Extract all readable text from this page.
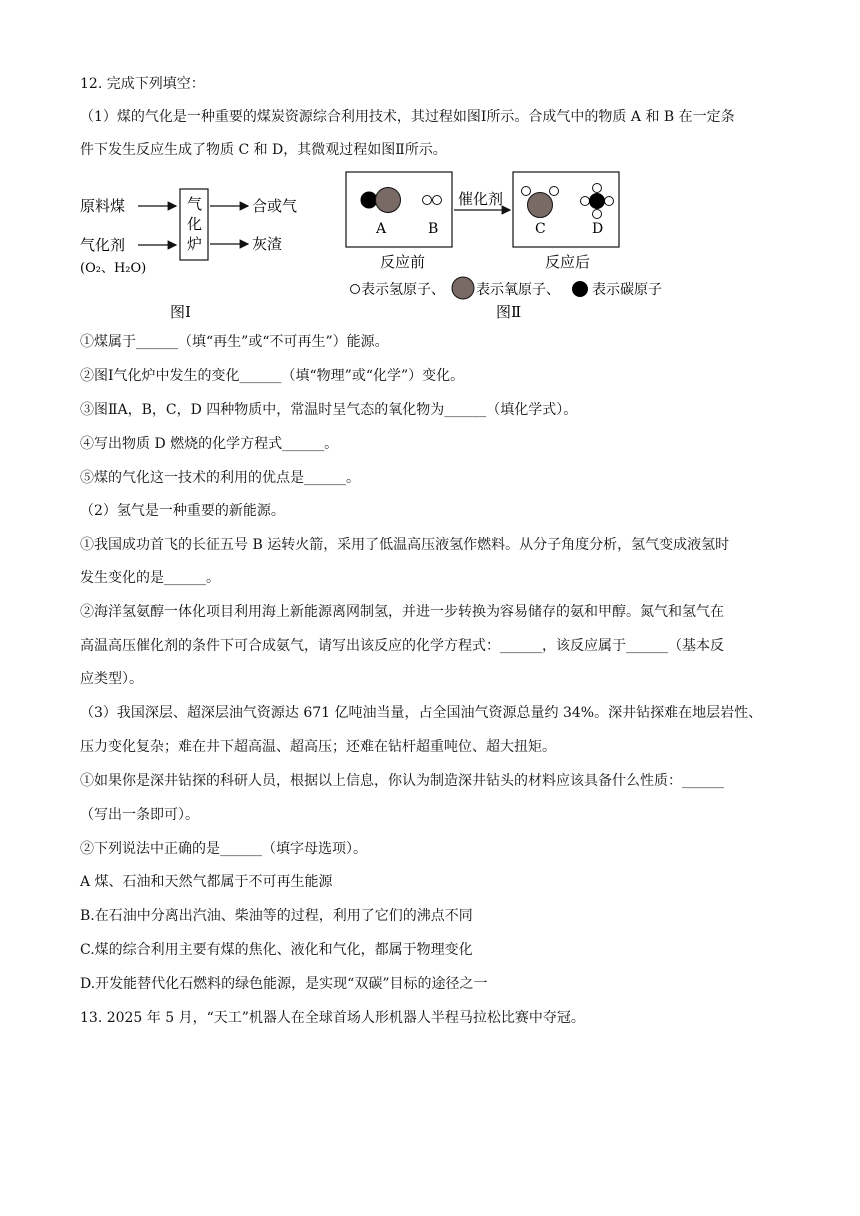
12. 完成下列填空：
（1）煤的气化是一种重要的煤炭资源综合利用技术，其过程如图Ⅰ所示。合成气中的物质 A 和 B 在一定条
件下发生反应生成了物质 C 和 D，其微观过程如图Ⅱ所示。
原料煤
气化剂
(O₂、H₂O)
气
化
炉
合或气
灰渣
图Ⅰ
A	B
催化剂
C	D
反应前	反应后
表示氢原子、 表示氧原子、 表示碳原子
图Ⅱ
①煤属于______（填“再生”或“不可再生”）能源。
②图Ⅰ气化炉中发生的变化______（填“物理”或“化学”）变化。
③图ⅡA，B，C，D 四种物质中，常温时呈气态的氧化物为______（填化学式）。
④写出物质 D 燃烧的化学方程式______。
⑤煤的气化这一技术的利用的优点是______。
（2）氢气是一种重要的新能源。
①我国成功首飞的长征五号 B 运转火箭，采用了低温高压液氢作燃料。从分子角度分析，氢气变成液氢时
发生变化的是______。
②海洋氢氨醇一体化项目利用海上新能源离网制氢，并进一步转换为容易储存的氨和甲醇。氮气和氢气在
高温高压催化剂的条件下可合成氨气，请写出该反应的化学方程式：______，该反应属于______（基本反
应类型）。
（3）我国深层、超深层油气资源达 671 亿吨油当量，占全国油气资源总量约 34%。深井钻探难在地层岩性、
压力变化复杂；难在井下超高温、超高压；还难在钻杆超重吨位、超大扭矩。
①如果你是深井钻探的科研人员，根据以上信息，你认为制造深井钻头的材料应该具备什么性质：______
（写出一条即可）。
②下列说法中正确的是______（填字母选项）。
A 煤、石油和天然气都属于不可再生能源
B.在石油中分离出汽油、柴油等的过程，利用了它们的沸点不同
C.煤的综合利用主要有煤的焦化、液化和气化，都属于物理变化
D.开发能替代化石燃料的绿色能源，是实现“双碳”目标的途径之一
13. 2025 年 5 月，“天工”机器人在全球首场人形机器人半程马拉松比赛中夺冠。
